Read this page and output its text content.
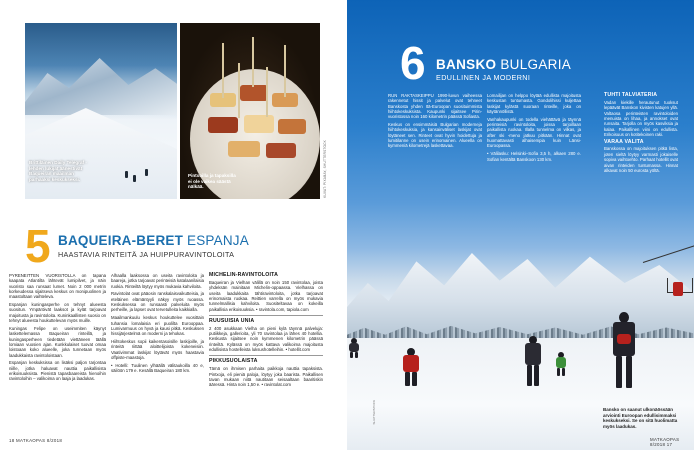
Brittiläinen Daily Telegraf -lehden lukijat äänestivät Baqueiran maailman parhaaksi keskukseksi.
Pintxoilla ja tapaksilla ei ole vaikea säästä nälkää.	KUVAT: PIXABAY, SHUTTERSTOCK
5 BAQUEIRA-BERET ESPANJA
HAASTAVIA RINTEITÄ JA HUIPPURAVINTOLOITA

PYRENEITTEN VUORISTOLLA on tapana kaapata Atlantilta lähtevät lumipilvet, ja näin vuoristo saa runsaat lumet. Noin 2 000 metrin korkeudessa sijaitseva keskus on monipuolinen ja maastoltaan vaihteleva.

Espanjan kuningasperhe on tehnyt alueesta suositun. Ympäröivät laaksot ja kylät tarjoavat majoitusta ja ravintoloita. Kuninkaallisten suosio on tehnyt alueesta houkuttelevan myös muille.

Kuningas Felipe on useimmiten käynyt laskettelemassa Baqueiran rinteillä, ja kuningasperheen tiedetään viettäneen täällä lomiaan vuosien ajan. Kunkkulaiset tuovat omaa loistoaan koko alueelle, joka tunnetaan myös laadukkaista ravintoloistaan.

Espanjan keskuksissa on lisäksi paljon tarjontaa niille, jotka haluavat nauttia paikallisista erikoisuuksista. Pienistä tapasbaareista hienoihin ravintoloihin – valikoima on laaja ja laadukas.

Alhaalla laaksossa on useita ravintoloita ja baareja, jotka tarjoavat perinteisiä katalaanilaisia ruokia. Rinteiltä löytyy myös mukavia kahviloita.

Ravintolat ovat pääosin ranskalaisvaikutteisia, ja eteläinen elämäntyyli näkyy myös ruoassa. Keskuksessa on runsaasti palveluita myös perheille, ja lapset ovat tervetulleita kaikkialla.

Maailmankuulu keskus houkuttelee vuosittain tuhansia lomalaisia eri puolilta Eurooppaa. Lumivarmuus on hyvä ja kausi pitkä. Keskuksen hissijärjestelmä on moderni ja tehokas.

Hiihtokeskus sopii kaikentasoisille laskijoille, ja rinteitä riittää aloittelijoista kokeneisiin. Vaativimmat laskijat löytävät myös haastavia offpiste-maastoja.

• Hotelli: Tuulinen ylhäällä välitaukoilla 40 e, säilöön 179 e. Kesällä Baqueiran 180 km.

MICHELIN-RAVINTOLOITA

Baqueiran ja Vielhan välillä on noin 150 ravintolaa, joista yhdeksän mainitaan Michelin-oppaassa. Vielhassa on useita laadukkaita tähtiravintoloita, jotka tarjoavat erinomaista ruokaa. Reittien varrella on myös mukavia tunnelmallisia kahviloita. Suositeltavaa on kokeilla paikallisia erikoisuuksia. • ravintola.com, tapiola.com

RUUSUISIA UNIA

2 400 asukkaan Vielha on pieni kylä täynnä palveluja: putiikkeja, gallerioita, yli 70 ravintolaa ja lähes 40 hotellia. Keskusta sijaitsee noin kymmenen kilometrin päässä rinteiltä. Kylässä on myös kattava valikoima majoitusta edullisista hostelleista luksushotelleihin. • hotellit.com

PIKKUSUOLAISTA

Tämä on ihmisen parhaita paikkoja nauttia tapaksista. Pintxoja, eli pieniä paloja, löytyy joka baarista. Paikallisen tavan mukaan niitä nautitaan seisaaltaan baaritiskin ääressä. Hinta noin 1,50 e. • ravintolat.com

18 MATKAOPAS 8/2018
6 BANSKO BULGARIA
EDULLINEN JA MODERNI

RUN RAKTASKEIPPU 1990-luvun vaiheessa rakennetut hissit ja palvelut ovat tehneet Banskosta yhden Itä-Euroopan suosituimmista hiihtokeskuksista. Kaupunki sijaitsee Pirin-vuoristossa noin 160 kilometrin päässä Sofiasta.

Keskus on ensimmäisiä Bulgarian moderneja hiihtokeskuksia, ja kansainväliset laskijat ovat löytäneet sen. Rinteet ovat hyvin hoidettuja ja lumitilanne on usein erinomainen. Alueella on kymmeniä kilometrejä laskettavaa.

Lomailijan on helppo löytää edullista majoitusta keskustan tuntumasta. Gondolihissi kuljettaa laskijat kylästä suoraan rinteille, joka on käytännöllistä.

Vanhakaupunki on todella viehättävä ja täynnä perinteisiä ravintoloita, joissa tarjoillaan paikallista ruokaa. Illalla tunnelma on vilkas, ja after ski -meno jatkuu pitkään. Hinnat ovat huomattavasti alhaisempia kuin Länsi-Euroopassa.

• Välilasku: Helsinki–Sofia 3,5 h, alkaen 280 e. Sofian kentältä Banskoon 130 km.

TUHTI TALVIATERIA

Vadan kiekille herautunut tuoksut lepäävät Banskon kivisten katujen yllä. Valtaosa perinteisten ravintoloiden menuista on lihaa, ja annokset ovat runsaita. Tarjolla on myös kasviksia ja kalaa. Paikallinen viini on edullista. Erikoisuus on kotitekoinen raki.

VARAA VALITA

Banskossa on majoituksen pitkä lista, joten sieltä löytyy varmasti jokaiselle sopiva vaihtoehto. Parhaat hotellit ovat aivan rinteiden tuntumassa. Hinnat alkavat noin 50 eurosta yöltä.

SHUTTERSTOCK	Bansko on saanut ulkonäössään arviointi Euroopan edullisimmaksi keskukseksi. Se on sitä huolimatta myös laadukas.
MATKAOPAS 8/2018 17
